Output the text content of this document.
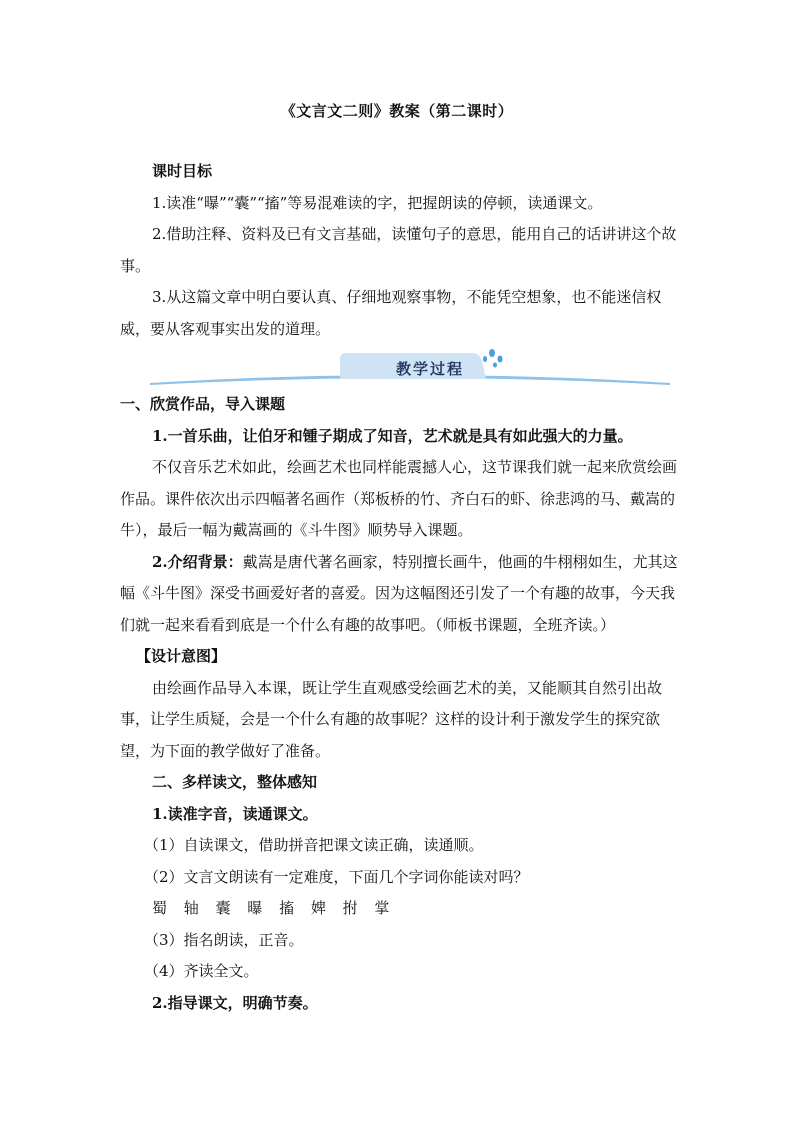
《文言文二则》教案（第二课时）

课时目标

1.读准“曝”“囊”“搐”等易混难读的字，把握朗读的停顿，读通课文。

2.借助注释、资料及已有文言基础，读懂句子的意思，能用自己的话讲讲这个故事。

3.从这篇文章中明白要认真、仔细地观察事物，不能凭空想象，也不能迷信权威，要从客观事实出发的道理。

教学过程

一、欣赏作品，导入课题

1.一首乐曲，让伯牙和锺子期成了知音，艺术就是具有如此强大的力量。

不仅音乐艺术如此，绘画艺术也同样能震撼人心，这节课我们就一起来欣赏绘画作品。课件依次出示四幅著名画作（郑板桥的竹、齐白石的虾、徐悲鸿的马、戴嵩的牛），最后一幅为戴嵩画的《斗牛图》顺势导入课题。

2.介绍背景：戴嵩是唐代著名画家，特别擅长画牛，他画的牛栩栩如生，尤其这幅《斗牛图》深受书画爱好者的喜爱。因为这幅图还引发了一个有趣的故事，今天我们就一起来看看到底是一个什么有趣的故事吧。（师板书课题，全班齐读。）

【设计意图】

由绘画作品导入本课，既让学生直观感受绘画艺术的美，又能顺其自然引出故事，让学生质疑，会是一个什么有趣的故事呢？这样的设计利于激发学生的探究欲望，为下面的教学做好了准备。

二、多样读文，整体感知

1.读准字音，读通课文。

（1）自读课文，借助拼音把课文读正确，读通顺。

（2）文言文朗读有一定难度，下面几个字词你能读对吗？

蜀 轴 囊 曝 搐 婢 拊 掌

（3）指名朗读，正音。

（4）齐读全文。

2.指导课文，明确节奏。
